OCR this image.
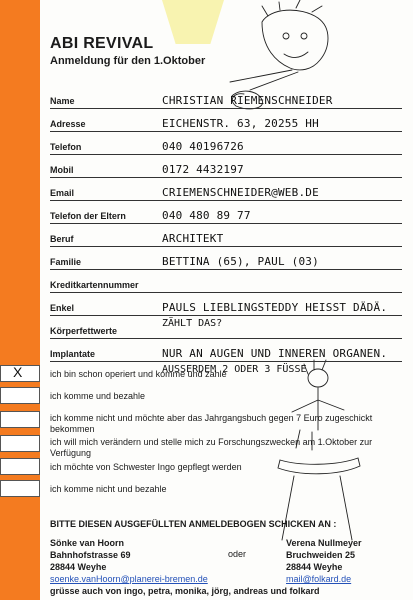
ABI REVIVAL
Anmeldung für den 1.Oktober
Name	CHRISTIAN RIEMENSCHNEIDER
Adresse	EICHENSTR. 63, 20255 HH
Telefon	040 40196726
Mobil	0172 4432197
Email	CRIEMENSCHNEIDER@WEB.DE
Telefon der Eltern	040 480 89 77
Beruf	ARCHITEKT
Familie	BETTINA (65), PAUL (03)
Kreditkartennummer
Enkel	PAULS LIEBLINGSTEDDY HEISST DÄDÄ.
ZÄHLT DAS?
Körperfettwerte
Implantate	NUR AN AUGEN UND INNEREN ORGANEN.
AUSSERDEM 2 ODER 3 FÜSSE
X	ich bin schon operiert und komme und zahle
ich komme und bezahle
ich komme nicht und möchte aber das Jahrgangsbuch gegen 7 Euro zugeschickt bekommen
ich will mich verändern und stelle mich zu Forschungszwecken am 1.Oktober zur Verfügung
ich möchte von Schwester Ingo gepflegt werden
ich komme nicht und bezahle
BITTE DIESEN AUSGEFÜLLTEN ANMELDEBOGEN SCHICKEN AN :
Sönke van Hoorn
Bahnhofstrasse 69
28844 Weyhe
soenke.vanHoorn@planerei-bremen.de
oder
Verena Nullmeyer
Bruchweiden 25
28844 Weyhe
mail@folkard.de
grüsse auch von ingo, petra, monika, jörg, andreas und folkard
